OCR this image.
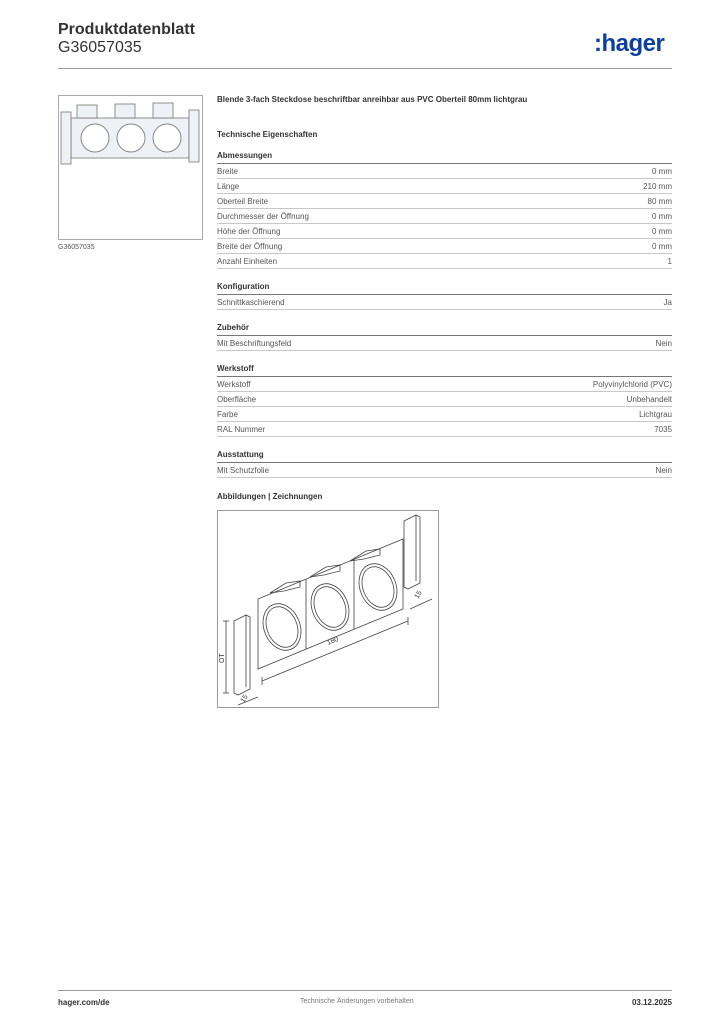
Produktdatenblatt
G36057035	:hager
G36057035
Blende 3-fach Steckdose beschriftbar anreihbar aus PVC Oberteil 80mm lichtgrau
Technische Eigenschaften
Abmessungen
Breite	0 mm
Länge	210 mm
Oberteil Breite	80 mm
Durchmesser der Öffnung	0 mm
Höhe der Öffnung	0 mm
Breite der Öffnung	0 mm
Anzahl Einheiten	1
Konfiguration
Schnittkaschierend	Ja
Zubehör
Mit Beschriftungsfeld	Nein
Werkstoff
Werkstoff	Polyvinylchlorid (PVC)
Oberfläche	Unbehandelt
Farbe	Lichtgrau
RAL Nummer	7035
Ausstattung
Mit Schutzfolie	Nein
Abbildungen | Zeichnungen
180
15
15
OT
hager.com/de	Technische Änderungen vorbehalten	03.12.2025
